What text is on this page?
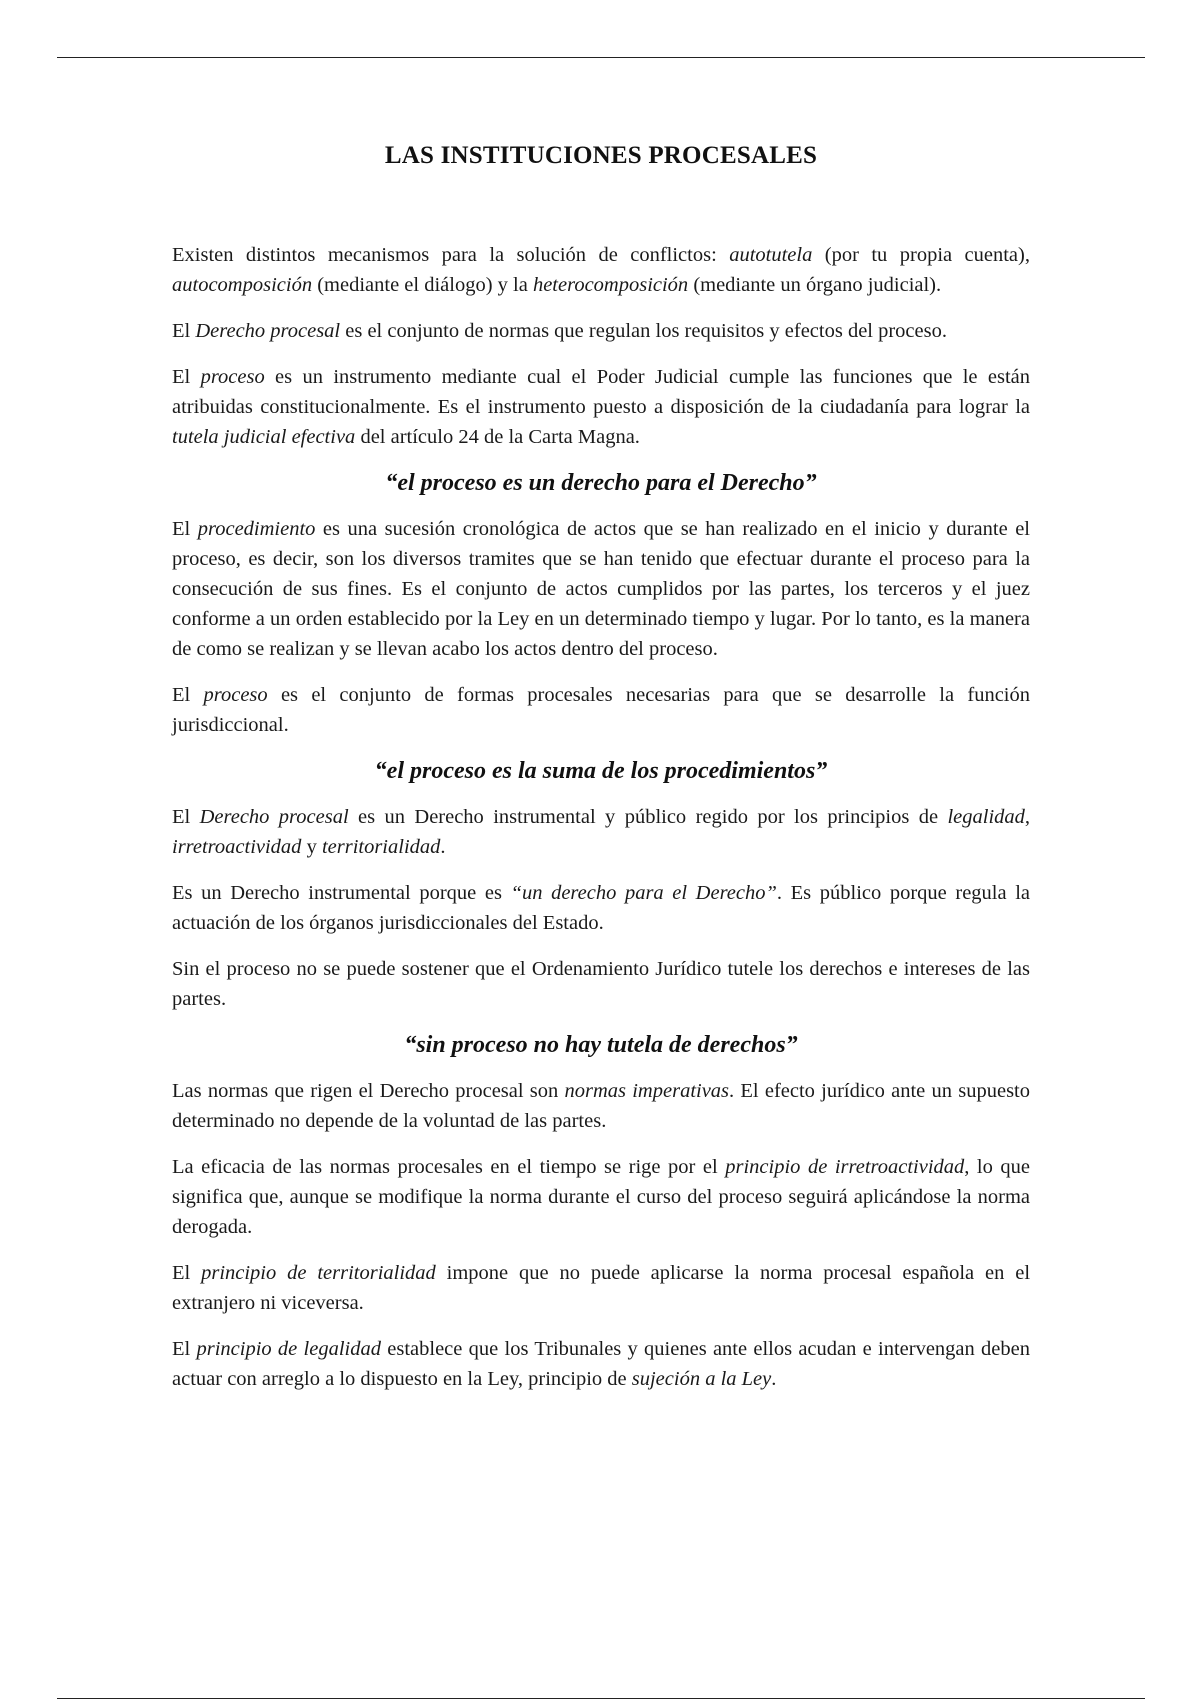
LAS INSTITUCIONES PROCESALES

Existen distintos mecanismos para la solución de conflictos: autotutela (por tu propia cuenta), autocomposición (mediante el diálogo) y la heterocomposición (mediante un órgano judicial).

El Derecho procesal es el conjunto de normas que regulan los requisitos y efectos del proceso.

El proceso es un instrumento mediante cual el Poder Judicial cumple las funciones que le están atribuidas constitucionalmente. Es el instrumento puesto a disposición de la ciudadanía para lograr la tutela judicial efectiva del artículo 24 de la Carta Magna.

“el proceso es un derecho para el Derecho”

El procedimiento es una sucesión cronológica de actos que se han realizado en el inicio y durante el proceso, es decir, son los diversos tramites que se han tenido que efectuar durante el proceso para la consecución de sus fines. Es el conjunto de actos cumplidos por las partes, los terceros y el juez conforme a un orden establecido por la Ley en un determinado tiempo y lugar. Por lo tanto, es la manera de como se realizan y se llevan acabo los actos dentro del proceso.

El proceso es el conjunto de formas procesales necesarias para que se desarrolle la función jurisdiccional.

“el proceso es la suma de los procedimientos”

El Derecho procesal es un Derecho instrumental y público regido por los principios de legalidad, irretroactividad y territorialidad.

Es un Derecho instrumental porque es “un derecho para el Derecho”. Es público porque regula la actuación de los órganos jurisdiccionales del Estado.

Sin el proceso no se puede sostener que el Ordenamiento Jurídico tutele los derechos e intereses de las partes.

“sin proceso no hay tutela de derechos”

Las normas que rigen el Derecho procesal son normas imperativas. El efecto jurídico ante un supuesto determinado no depende de la voluntad de las partes.

La eficacia de las normas procesales en el tiempo se rige por el principio de irretroactividad, lo que significa que, aunque se modifique la norma durante el curso del proceso seguirá aplicándose la norma derogada.

El principio de territorialidad impone que no puede aplicarse la norma procesal española en el extranjero ni viceversa.

El principio de legalidad establece que los Tribunales y quienes ante ellos acudan e intervengan deben actuar con arreglo a lo dispuesto en la Ley, principio de sujeción a la Ley.
